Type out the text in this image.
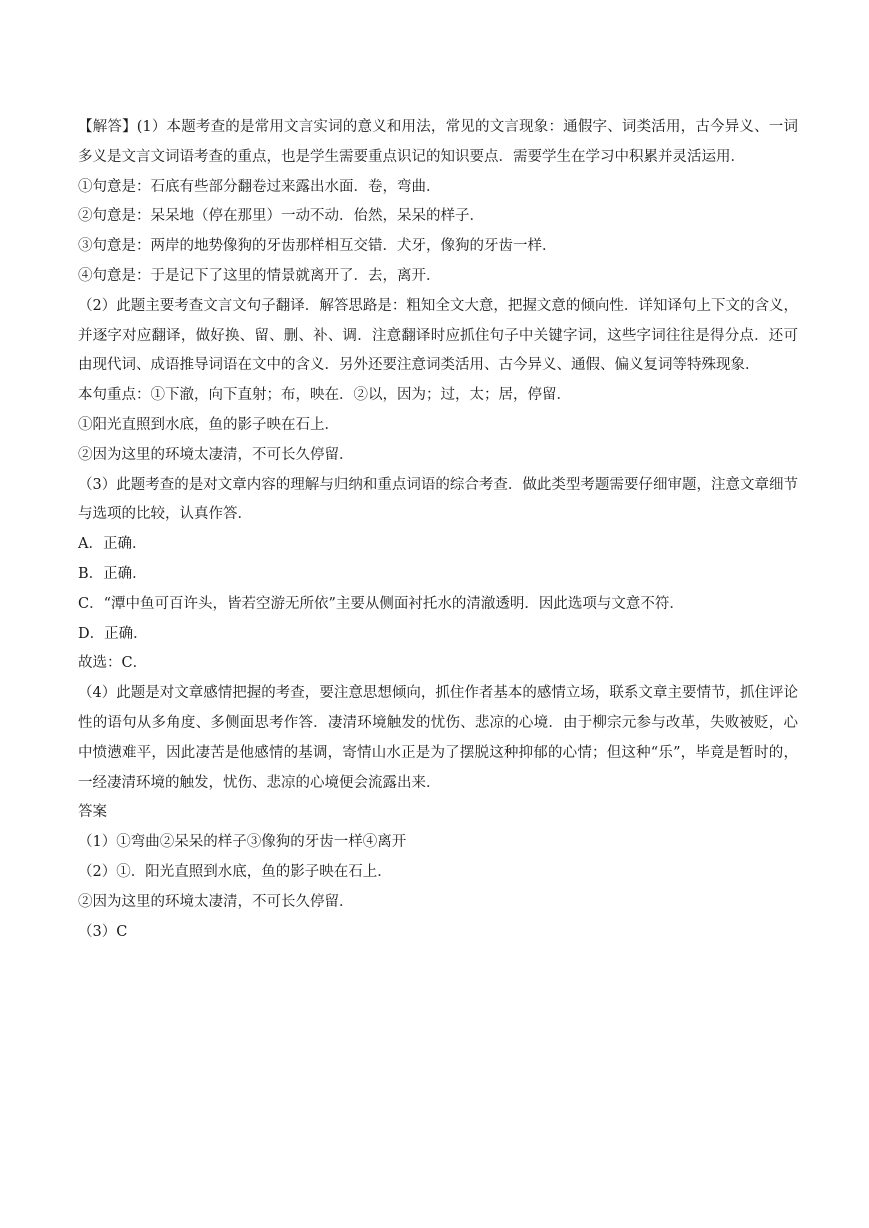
【解答】(1）本题考查的是常用文言实词的意义和用法，常见的文言现象：通假字、词类活用，古今异义、一词多义是文言文词语考查的重点，也是学生需要重点识记的知识要点．需要学生在学习中积累并灵活运用．

①句意是：石底有些部分翻卷过来露出水面．卷，弯曲．

②句意是：呆呆地（停在那里）一动不动．佁然，呆呆的样子．

③句意是：两岸的地势像狗的牙齿那样相互交错．犬牙，像狗的牙齿一样．

④句意是：于是记下了这里的情景就离开了．去，离开．

（2）此题主要考查文言文句子翻译．解答思路是：粗知全文大意，把握文意的倾向性．详知译句上下文的含义，并逐字对应翻译，做好换、留、删、补、调．注意翻译时应抓住句子中关键字词，这些字词往往是得分点．还可由现代词、成语推导词语在文中的含义．另外还要注意词类活用、古今异义、通假、偏义复词等特殊现象．

本句重点：①下澈，向下直射；布，映在．②以，因为；过，太；居，停留．

①阳光直照到水底，鱼的影子映在石上．

②因为这里的环境太凄清，不可长久停留．

（3）此题考查的是对文章内容的理解与归纳和重点词语的综合考查．做此类型考题需要仔细审题，注意文章细节与选项的比较，认真作答．

A．正确．

B．正确．

C．“潭中鱼可百许头，皆若空游无所依”主要从侧面衬托水的清澈透明．因此选项与文意不符．

D．正确．

故选：C．

（4）此题是对文章感情把握的考查，要注意思想倾向，抓住作者基本的感情立场，联系文章主要情节，抓住评论性的语句从多角度、多侧面思考作答．凄清环境触发的忧伤、悲凉的心境．由于柳宗元参与改革，失败被贬，心中愤懑难平，因此凄苦是他感情的基调，寄情山水正是为了摆脱这种抑郁的心情；但这种“乐”，毕竟是暂时的，一经凄清环境的触发，忧伤、悲凉的心境便会流露出来．

答案

（1）①弯曲②呆呆的样子③像狗的牙齿一样④离开

（2）①．阳光直照到水底，鱼的影子映在石上．

②因为这里的环境太凄清，不可长久停留．

（3）C
